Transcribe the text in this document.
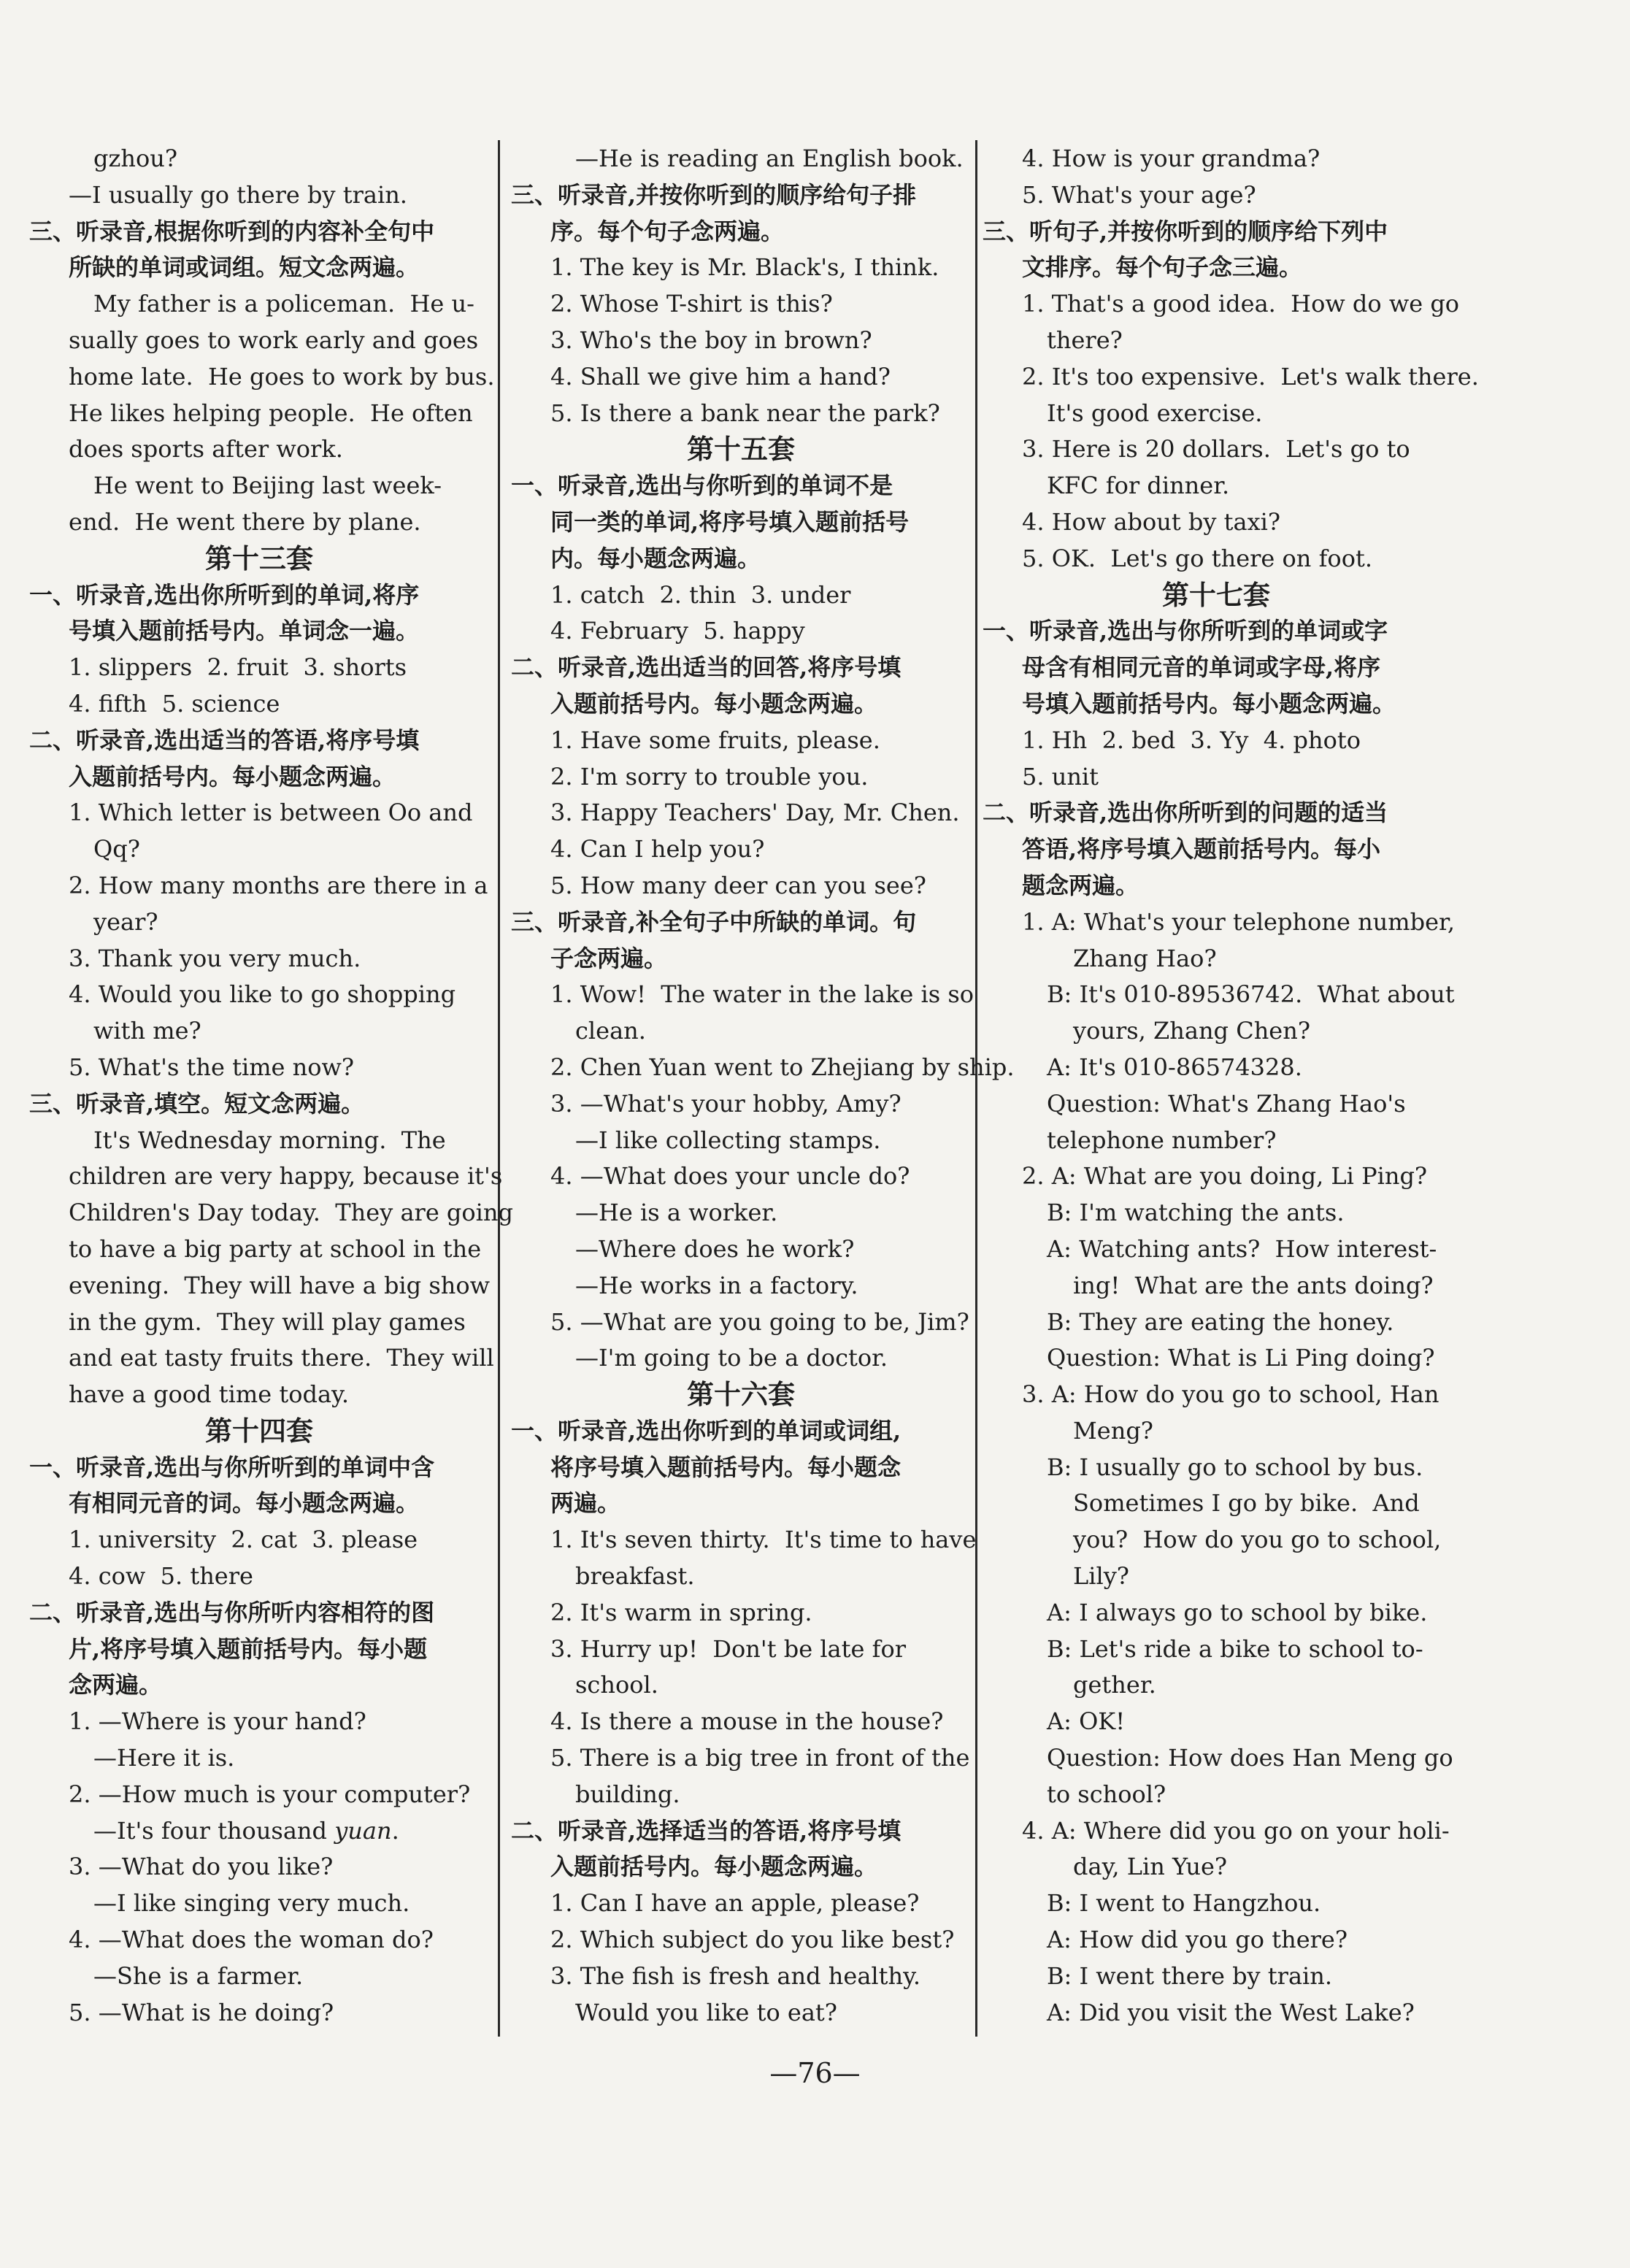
gzhou?
—I usually go there by train.
三、听录音,根据你听到的内容补全句中
所缺的单词或词组。短文念两遍。
My father is a policeman.  He u-
sually goes to work early and goes
home late.  He goes to work by bus.
He likes helping people.  He often
does sports after work.
He went to Beijing last week-
end.  He went there by plane.
第十三套
一、听录音,选出你所听到的单词,将序
号填入题前括号内。单词念一遍。
1. slippers  2. fruit  3. shorts
4. fifth  5. science
二、听录音,选出适当的答语,将序号填
入题前括号内。每小题念两遍。
1. Which letter is between Oo and
Qq?
2. How many months are there in a
year?
3. Thank you very much.
4. Would you like to go shopping
with me?
5. What's the time now?
三、听录音,填空。短文念两遍。
It's Wednesday morning.  The
children are very happy, because it's
Children's Day today.  They are going
to have a big party at school in the
evening.  They will have a big show
in the gym.  They will play games
and eat tasty fruits there.  They will
have a good time today.
第十四套
一、听录音,选出与你所听到的单词中含
有相同元音的词。每小题念两遍。
1. university  2. cat  3. please
4. cow  5. there
二、听录音,选出与你所听内容相符的图
片,将序号填入题前括号内。每小题
念两遍。
1. —Where is your hand?
—Here it is.
2. —How much is your computer?
—It's four thousand yuan.
3. —What do you like?
—I like singing very much.
4. —What does the woman do?
—She is a farmer.
5. —What is he doing?
—He is reading an English book.
三、听录音,并按你听到的顺序给句子排
序。每个句子念两遍。
1. The key is Mr. Black's, I think.
2. Whose T-shirt is this?
3. Who's the boy in brown?
4. Shall we give him a hand?
5. Is there a bank near the park?
第十五套
一、听录音,选出与你听到的单词不是
同一类的单词,将序号填入题前括号
内。每小题念两遍。
1. catch  2. thin  3. under
4. February  5. happy
二、听录音,选出适当的回答,将序号填
入题前括号内。每小题念两遍。
1. Have some fruits, please.
2. I'm sorry to trouble you.
3. Happy Teachers' Day, Mr. Chen.
4. Can I help you?
5. How many deer can you see?
三、听录音,补全句子中所缺的单词。句
子念两遍。
1. Wow!  The water in the lake is so
clean.
2. Chen Yuan went to Zhejiang by ship.
3. —What's your hobby, Amy?
—I like collecting stamps.
4. —What does your uncle do?
—He is a worker.
—Where does he work?
—He works in a factory.
5. —What are you going to be, Jim?
—I'm going to be a doctor.
第十六套
一、听录音,选出你听到的单词或词组,
将序号填入题前括号内。每小题念
两遍。
1. It's seven thirty.  It's time to have
breakfast.
2. It's warm in spring.
3. Hurry up!  Don't be late for
school.
4. Is there a mouse in the house?
5. There is a big tree in front of the
building.
二、听录音,选择适当的答语,将序号填
入题前括号内。每小题念两遍。
1. Can I have an apple, please?
2. Which subject do you like best?
3. The fish is fresh and healthy.
Would you like to eat?
4. How is your grandma?
5. What's your age?
三、听句子,并按你听到的顺序给下列中
文排序。每个句子念三遍。
1. That's a good idea.  How do we go
there?
2. It's too expensive.  Let's walk there.
It's good exercise.
3. Here is 20 dollars.  Let's go to
KFC for dinner.
4. How about by taxi?
5. OK.  Let's go there on foot.
第十七套
一、听录音,选出与你所听到的单词或字
母含有相同元音的单词或字母,将序
号填入题前括号内。每小题念两遍。
1. Hh  2. bed  3. Yy  4. photo
5. unit
二、听录音,选出你所听到的问题的适当
答语,将序号填入题前括号内。每小
题念两遍。
1. A: What's your telephone number,
Zhang Hao?
B: It's 010-89536742.  What about
yours, Zhang Chen?
A: It's 010-86574328.
Question: What's Zhang Hao's
telephone number?
2. A: What are you doing, Li Ping?
B: I'm watching the ants.
A: Watching ants?  How interest-
ing!  What are the ants doing?
B: They are eating the honey.
Question: What is Li Ping doing?
3. A: How do you go to school, Han
Meng?
B: I usually go to school by bus.
Sometimes I go by bike.  And
you?  How do you go to school,
Lily?
A: I always go to school by bike.
B: Let's ride a bike to school to-
gether.
A: OK!
Question: How does Han Meng go
to school?
4. A: Where did you go on your holi-
day, Lin Yue?
B: I went to Hangzhou.
A: How did you go there?
B: I went there by train.
A: Did you visit the West Lake?
—76—
